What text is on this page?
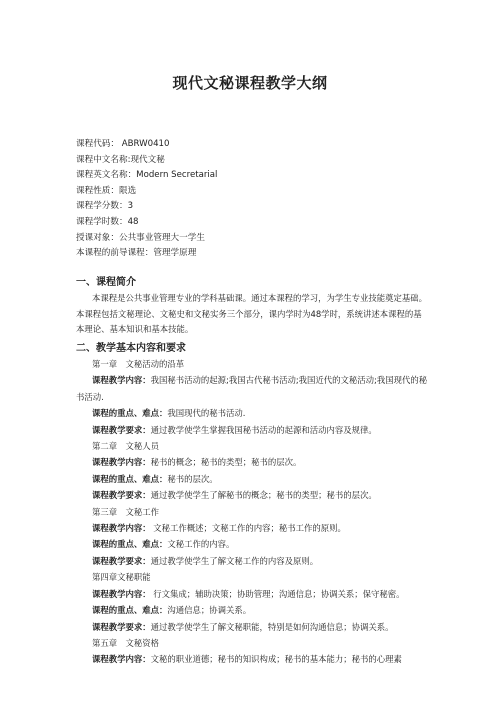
现代文秘课程教学大纲
课程代码： ABRW0410
课程中文名称:现代文秘
课程英文名称：Modern Secretarial
课程性质：限选
课程学分数：3
课程学时数：48
授课对象：公共事业管理大一学生
本课程的前导课程：管理学原理
一、课程简介
本课程是公共事业管理专业的学科基础课。通过本课程的学习，为学生专业技能奠定基础。本课程包括文秘理论、文秘史和文秘实务三个部分，课内学时为48学时，系统讲述本课程的基本理论、基本知识和基本技能。
二、教学基本内容和要求
第一章　文秘活动的沿革
课程教学内容：我国秘书活动的起源;我国古代秘书活动;我国近代的文秘活动;我国现代的秘书活动.
课程的重点、难点：我国现代的秘书活动.
课程教学要求：通过教学使学生掌握我国秘书活动的起源和活动内容及规律。
第二章　文秘人员
课程教学内容：秘书的概念；秘书的类型；秘书的层次。
课程的重点、难点：秘书的层次。
课程教学要求：通过教学使学生了解秘书的概念；秘书的类型；秘书的层次。
第三章　文秘工作
课程教学内容： 文秘工作概述；文秘工作的内容；秘书工作的原则。
课程的重点、难点：文秘工作的内容。
课程教学要求：通过教学使学生了解文秘工作的内容及原则。
第四章文秘职能
课程教学内容： 行文集成；辅助决策；协助管理；沟通信息；协调关系；保守秘密。
课程的重点、难点：沟通信息；协调关系。
课程教学要求：通过教学使学生了解文秘职能，特别是如何沟通信息；协调关系。
第五章　文秘资格
课程教学内容：文秘的职业道德；秘书的知识构成；秘书的基本能力；秘书的心理素
